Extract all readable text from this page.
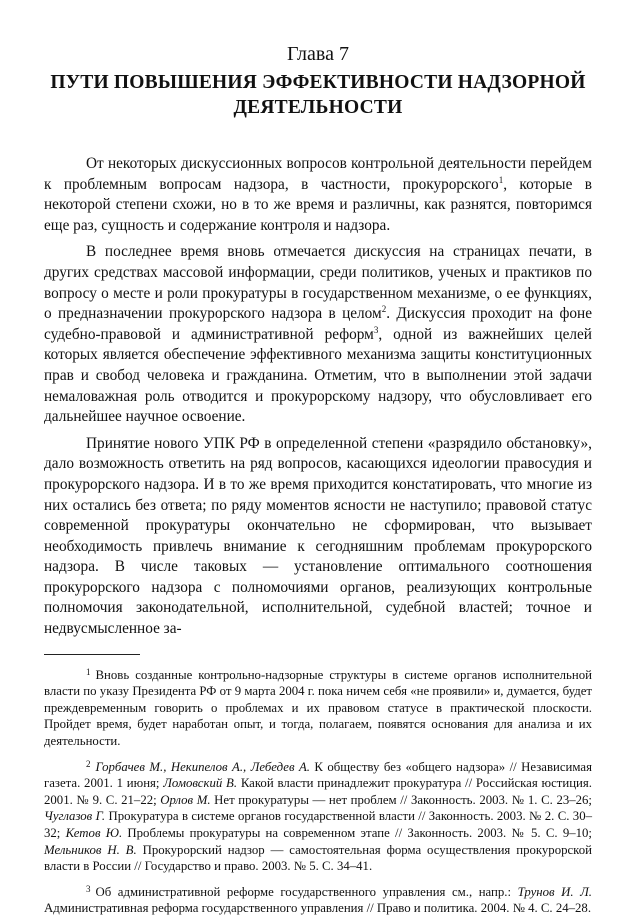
Глава 7
ПУТИ ПОВЫШЕНИЯ ЭФФЕКТИВНОСТИ НАДЗОРНОЙ
ДЕЯТЕЛЬНОСТИ

От некоторых дискуссионных вопросов контрольной деятельности перейдем к проблемным вопросам надзора, в частности, прокурорского$^1$, которые в некоторой степени схожи, но в то же время и различны, как разнятся, повторимся еще раз, сущность и содержание контроля и надзора.

В последнее время вновь отмечается дискуссия на страницах печати, в других средствах массовой информации, среди политиков, ученых и практиков по вопросу о месте и роли прокуратуры в государственном механизме, о ее функциях, о предназначении прокурорского надзора в целом$^2$. Дискуссия проходит на фоне судебно-правовой и административной реформ$^3$, одной из важнейших целей которых является обеспечение эффективного механизма защиты конституционных прав и свобод человека и гражданина. Отметим, что в выполнении этой задачи немаловажная роль отводится и прокурорскому надзору, что обусловливает его дальнейшее научное освоение.

Принятие нового УПК РФ в определенной степени «разрядило обстановку», дало возможность ответить на ряд вопросов, касающихся идеологии правосудия и прокурорского надзора. И в то же время приходится констатировать, что многие из них остались без ответа; по ряду моментов ясности не наступило; правовой статус современной прокуратуры окончательно не сформирован, что вызывает необходимость привлечь внимание к сегодняшним проблемам прокурорского надзора. В числе таковых — установление оптимального соотношения прокурорского надзора с полномочиями органов, реализующих контрольные полномочия законодательной, исполнительной, судебной властей; точное и недвусмысленное за-

$^1$ Вновь созданные контрольно-надзорные структуры в системе органов исполнительной власти по указу Президента РФ от 9 марта 2004 г. пока ничем себя «не проявили» и, думается, будет преждевременным говорить о проблемах и их правовом статусе в практической плоскости. Пройдет время, будет наработан опыт, и тогда, полагаем, появятся основания для анализа и их деятельности.

$^2$ Горбачев М., Некипелов А., Лебедев А. К обществу без «общего надзора» // Независимая газета. 2001. 1 июня; Ломовский В. Какой власти принадлежит прокуратура // Российская юстиция. 2001. № 9. С. 21–22; Орлов М. Нет прокуратуры — нет проблем // Законность. 2003. № 1. С. 23–26; Чуглазов Г. Прокуратура в системе органов государственной власти // Законность. 2003. № 2. С. 30–32; Кетов Ю. Проблемы прокуратуры на современном этапе // Законность. 2003. № 5. С. 9–10; Мельников Н. В. Прокурорский надзор — самостоятельная форма осуществления прокурорской власти в России // Государство и право. 2003. № 5. С. 34–41.

$^3$ Об административной реформе государственного управления см., напр.: Трунов И. Л. Административная реформа государственного управления // Право и политика. 2004. № 4. С. 24–28.
